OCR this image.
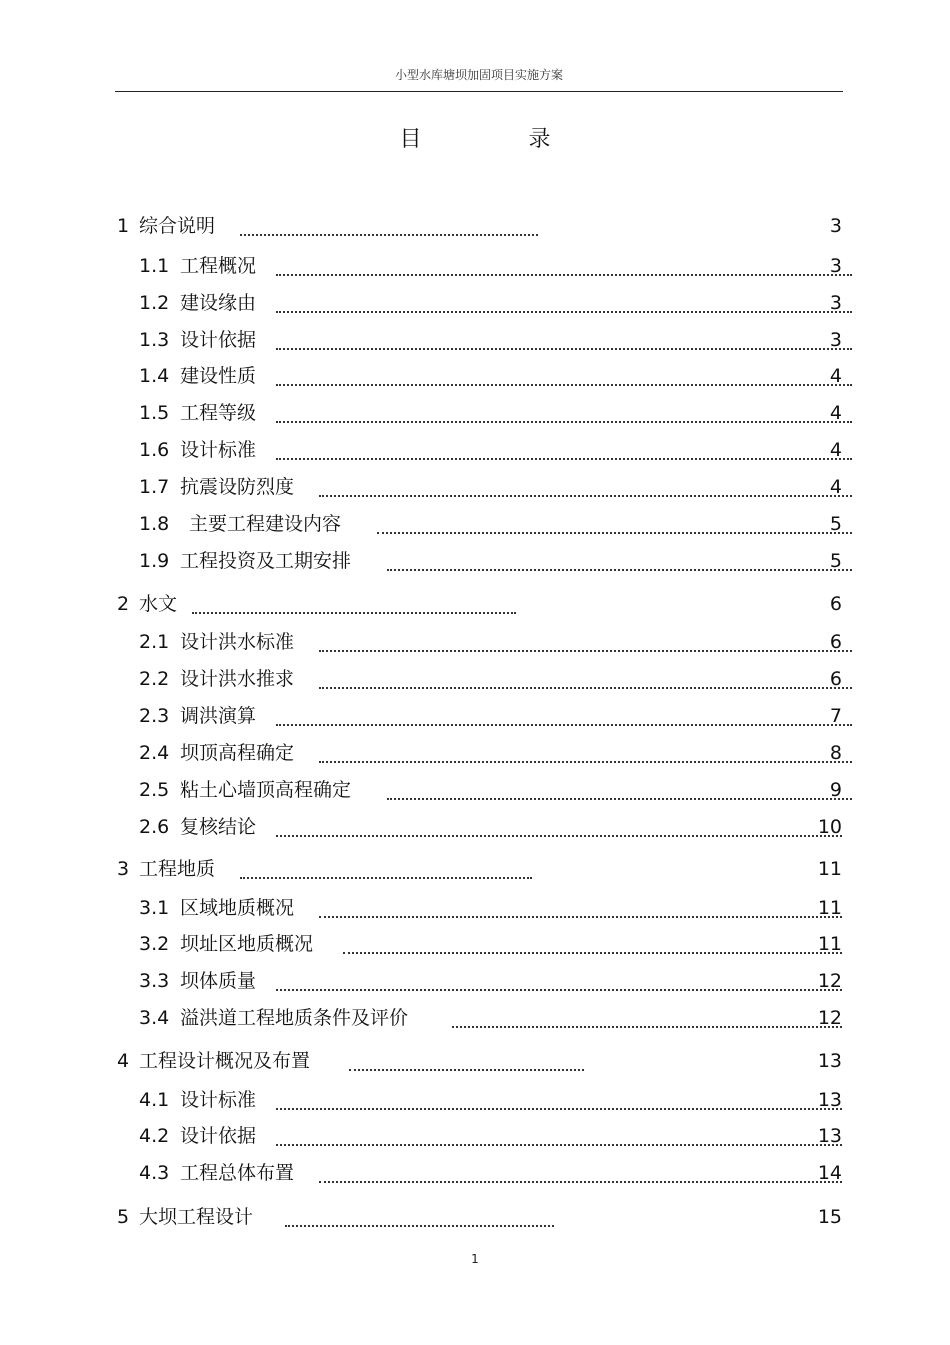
小型水库塘坝加固项目实施方案
目 录
1 综合说明	3
1.1 工程概况	3
1.2 建设缘由	3
1.3 设计依据	3
1.4 建设性质	4
1.5 工程等级	4
1.6 设计标准	4
1.7 抗震设防烈度	4
1.8 主要工程建设内容	5
1.9 工程投资及工期安排	5
2 水文	6
2.1 设计洪水标准	6
2.2 设计洪水推求	6
2.3 调洪演算	7
2.4 坝顶高程确定	8
2.5 粘土心墙顶高程确定	9
2.6 复核结论	10
3 工程地质	11
3.1 区域地质概况	11
3.2 坝址区地质概况	11
3.3 坝体质量	12
3.4 溢洪道工程地质条件及评价	12
4 工程设计概况及布置	13
4.1 设计标准	13
4.2 设计依据	13
4.3 工程总体布置	14
5 大坝工程设计	15
1
